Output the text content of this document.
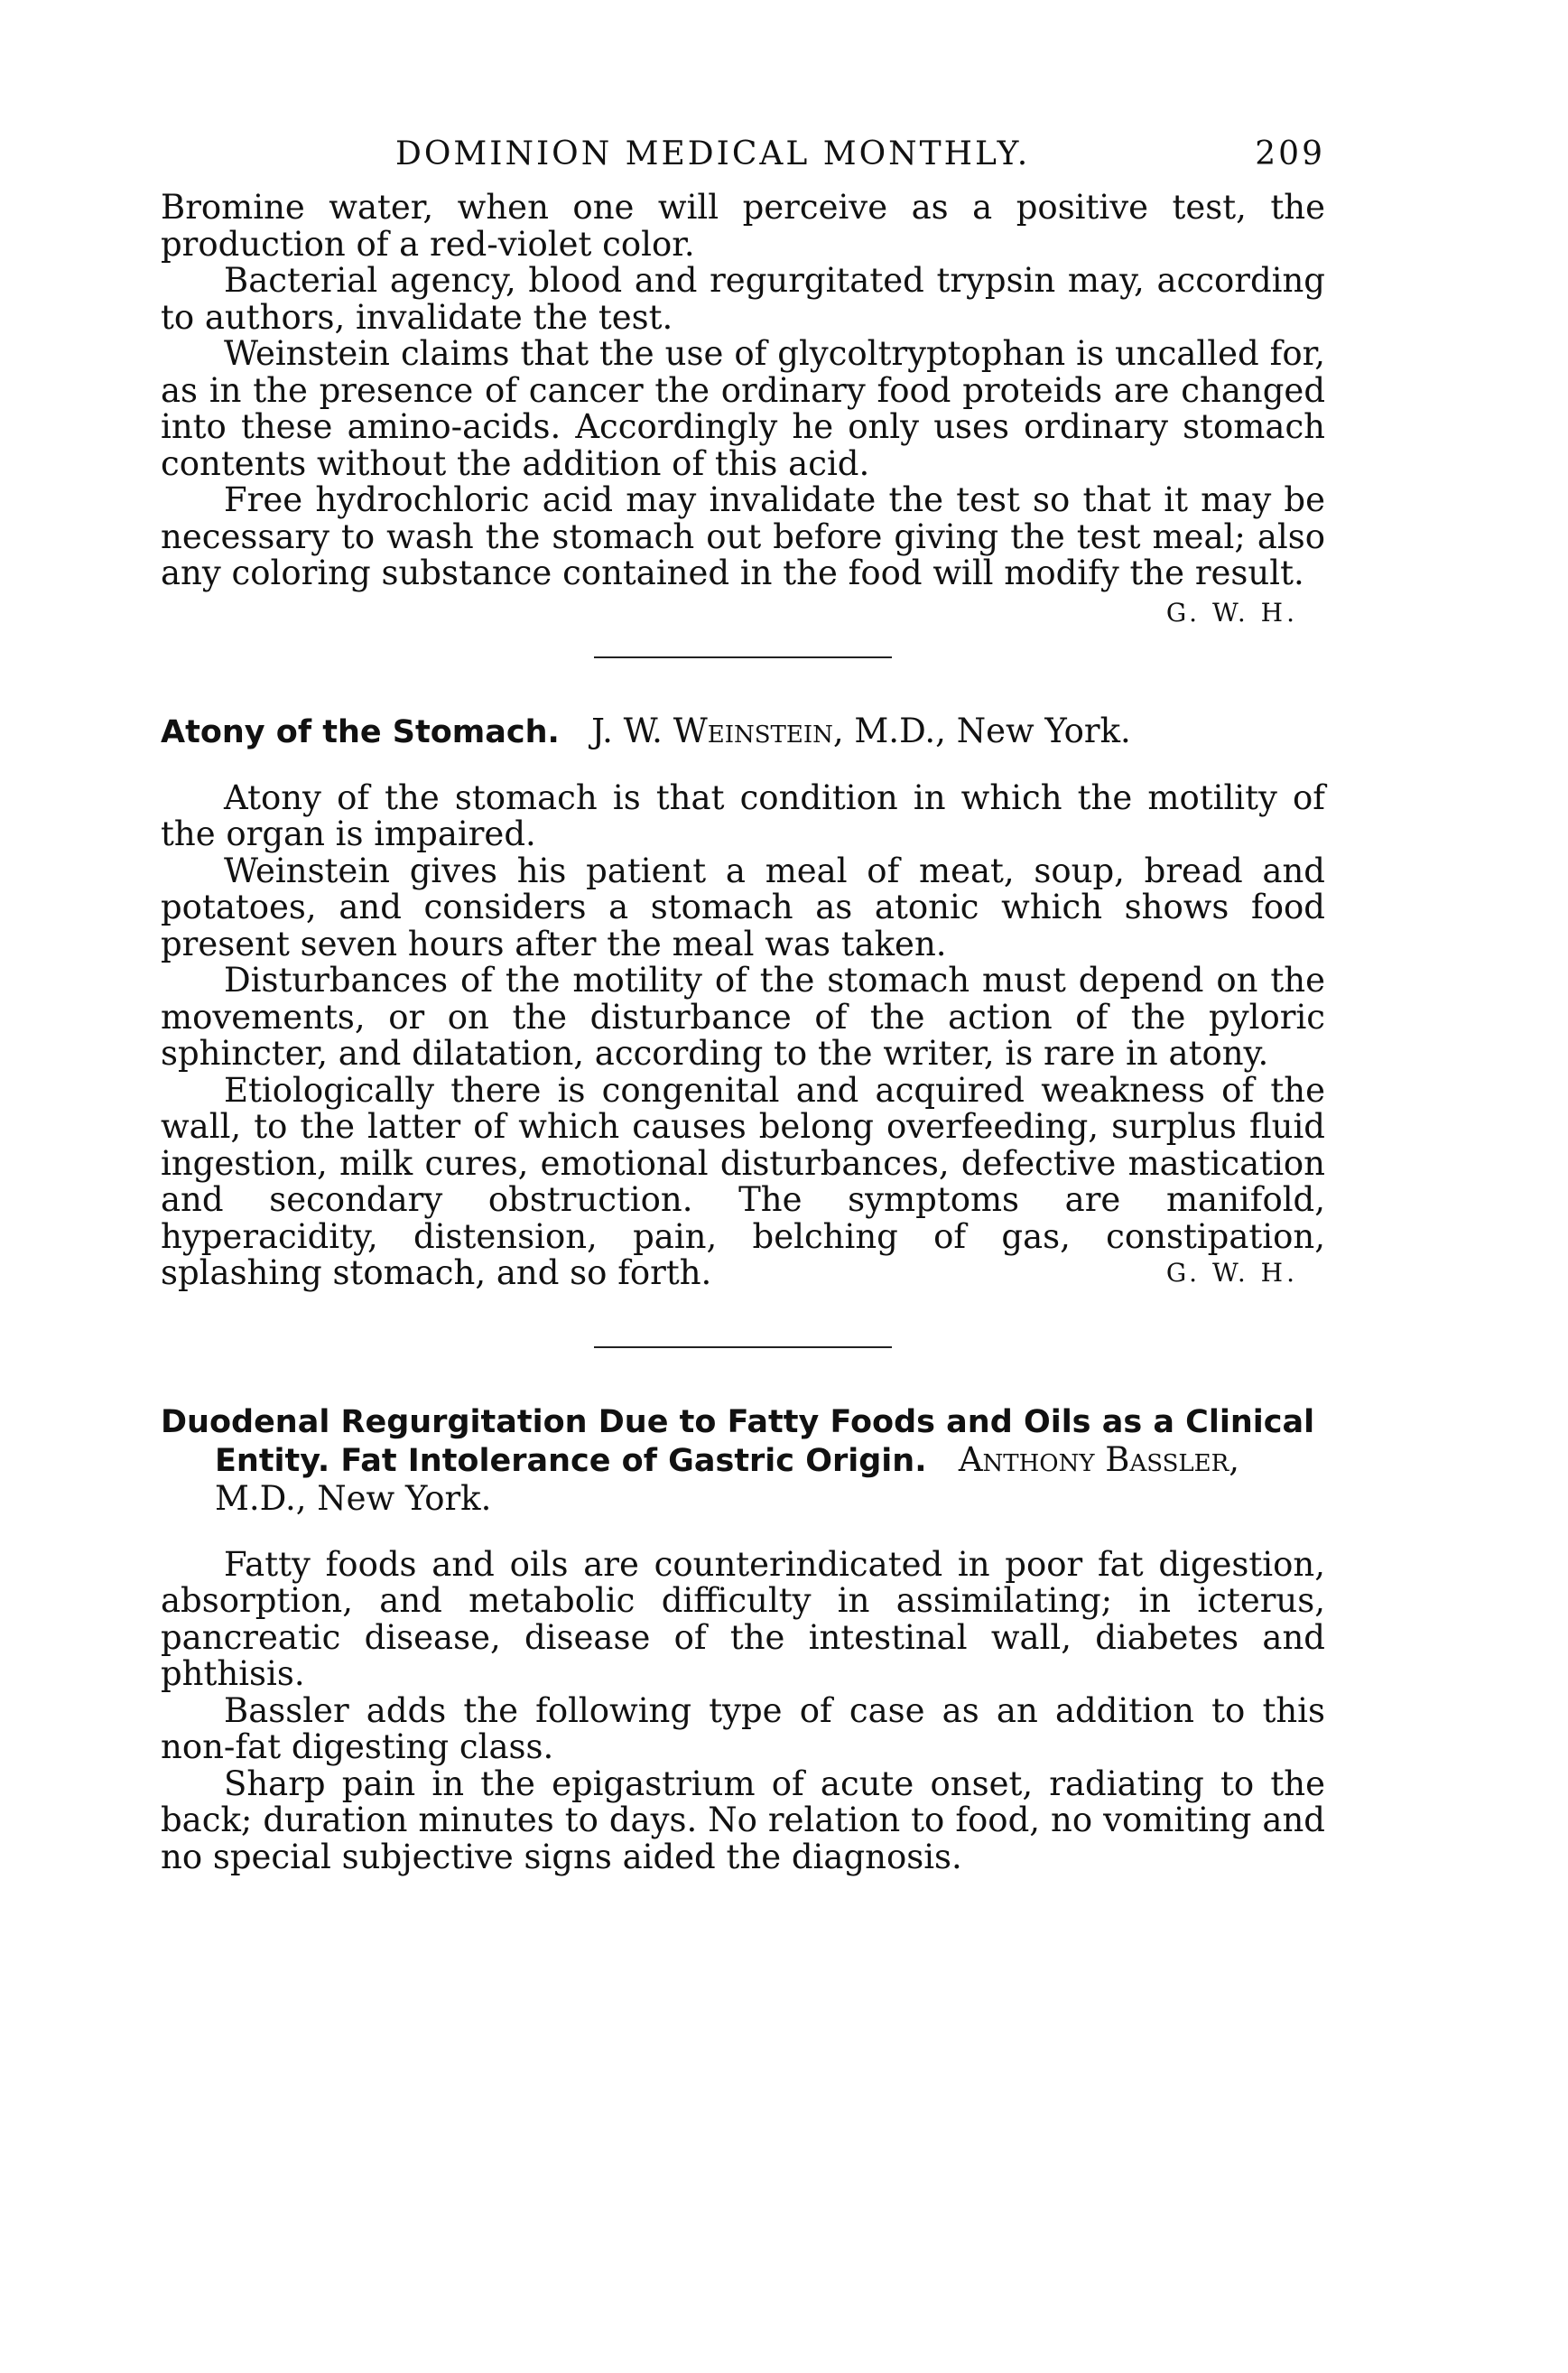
DOMINION MEDICAL MONTHLY.	209

Bromine water, when one will perceive as a positive test, the production of a red-violet color.

Bacterial agency, blood and regurgitated trypsin may, according to authors, invalidate the test.

Weinstein claims that the use of glycoltryptophan is uncalled for, as in the presence of cancer the ordinary food proteids are changed into these amino-acids. Accordingly he only uses ordinary stomach contents without the addition of this acid.

Free hydrochloric acid may invalidate the test so that it may be necessary to wash the stomach out before giving the test meal; also any coloring substance contained in the food will modify the result.

G. W. H.
Atony of the Stomach. J. W. Weinstein, M.D., New York.

Atony of the stomach is that condition in which the motility of the organ is impaired.

Weinstein gives his patient a meal of meat, soup, bread and potatoes, and considers a stomach as atonic which shows food present seven hours after the meal was taken.

Disturbances of the motility of the stomach must depend on the movements, or on the disturbance of the action of the pyloric sphincter, and dilatation, according to the writer, is rare in atony.

Etiologically there is congenital and acquired weakness of the wall, to the latter of which causes belong overfeeding, surplus fluid ingestion, milk cures, emotional disturbances, defective mastication and secondary obstruction. The symptoms are manifold, hyperacidity, distension, pain, belching of gas, constipation, splashing stomach, and so forth.	G. W. H.

Duodenal Regurgitation Due to Fatty Foods and Oils as a Clinical Entity. Fat Intolerance of Gastric Origin. Anthony Bassler, M.D., New York.

Fatty foods and oils are counterindicated in poor fat digestion, absorption, and metabolic difficulty in assimilating; in icterus, pancreatic disease, disease of the intestinal wall, diabetes and phthisis.

Bassler adds the following type of case as an addition to this non-fat digesting class.

Sharp pain in the epigastrium of acute onset, radiating to the back; duration minutes to days. No relation to food, no vomiting and no special subjective signs aided the diagnosis.
